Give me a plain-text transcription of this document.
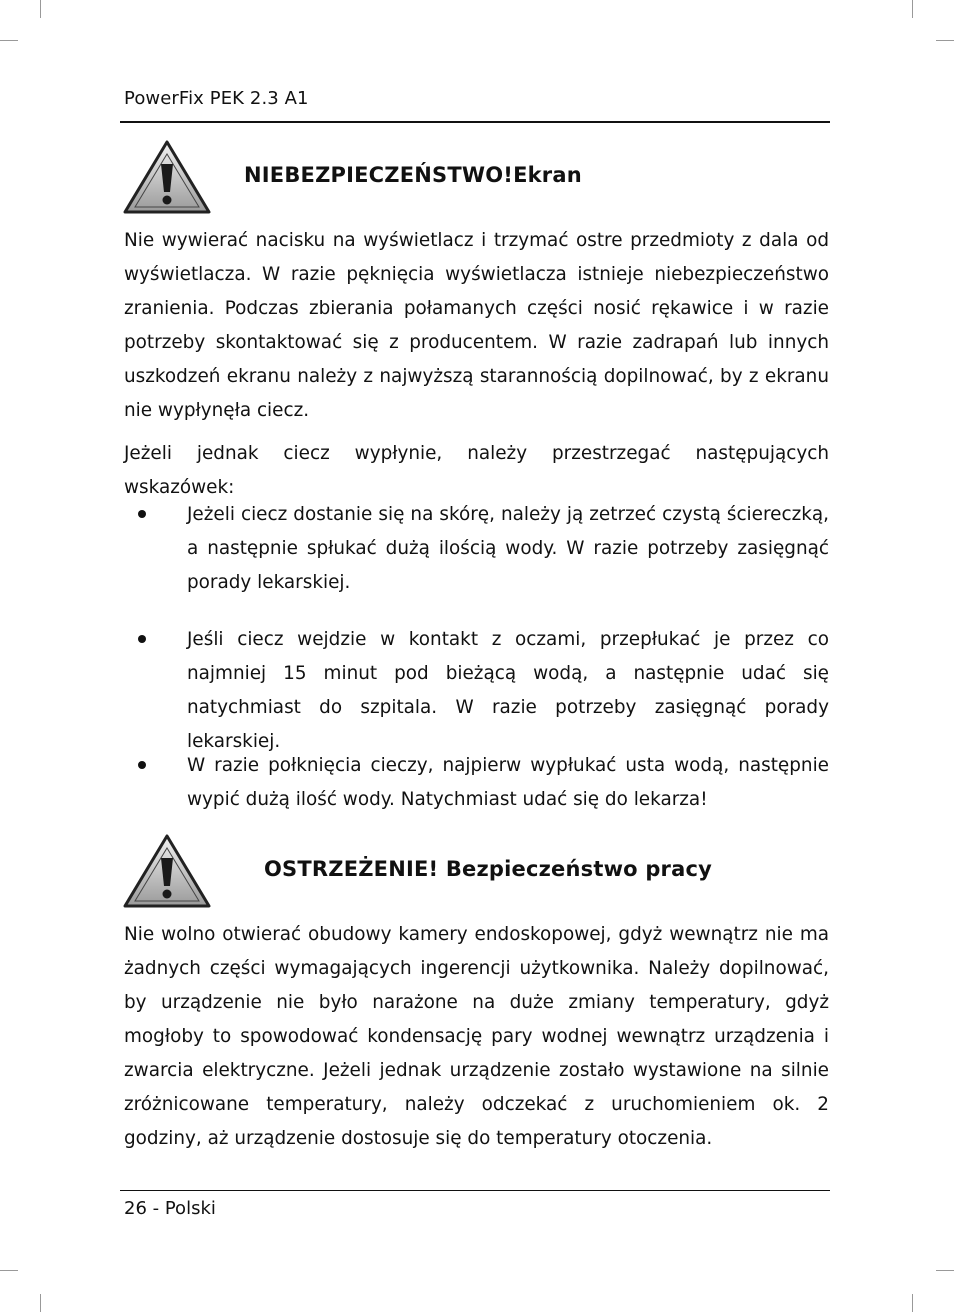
PowerFix PEK 2.3 A1
NIEBEZPIECZEŃSTWO!Ekran

Nie wywierać nacisku na wyświetlacz i trzymać ostre przedmioty z dala od wyświetlacza. W razie pęknięcia wyświetlacza istnieje niebezpieczeństwo zranienia. Podczas zbierania połamanych części nosić rękawice i w razie potrzeby skontaktować się z producentem. W razie zadrapań lub innych uszkodzeń ekranu należy z najwyższą starannością dopilnować, by z ekranu nie wypłynęła ciecz.

Jeżeli jednak ciecz wypłynie, należy przestrzegać następujących wskazówek:

Jeżeli ciecz dostanie się na skórę, należy ją zetrzeć czystą ściereczką, a następnie spłukać dużą ilością wody. W razie potrzeby zasięgnąć porady lekarskiej.

Jeśli ciecz wejdzie w kontakt z oczami, przepłukać je przez co najmniej 15 minut pod bieżącą wodą, a następnie udać się natychmiast do szpitala. W razie potrzeby zasięgnąć porady lekarskiej.

W razie połknięcia cieczy, najpierw wypłukać usta wodą, następnie wypić dużą ilość wody. Natychmiast udać się do lekarza!

OSTRZEŻENIE! Bezpieczeństwo pracy

Nie wolno otwierać obudowy kamery endoskopowej, gdyż wewnątrz nie ma żadnych części wymagających ingerencji użytkownika. Należy dopilnować, by urządzenie nie było narażone na duże zmiany temperatury, gdyż mogłoby to spowodować kondensację pary wodnej wewnątrz urządzenia i zwarcia elektryczne. Jeżeli jednak urządzenie zostało wystawione na silnie zróżnicowane temperatury, należy odczekać z uruchomieniem ok. 2 godziny, aż urządzenie dostosuje się do temperatury otoczenia.

26 - Polski
